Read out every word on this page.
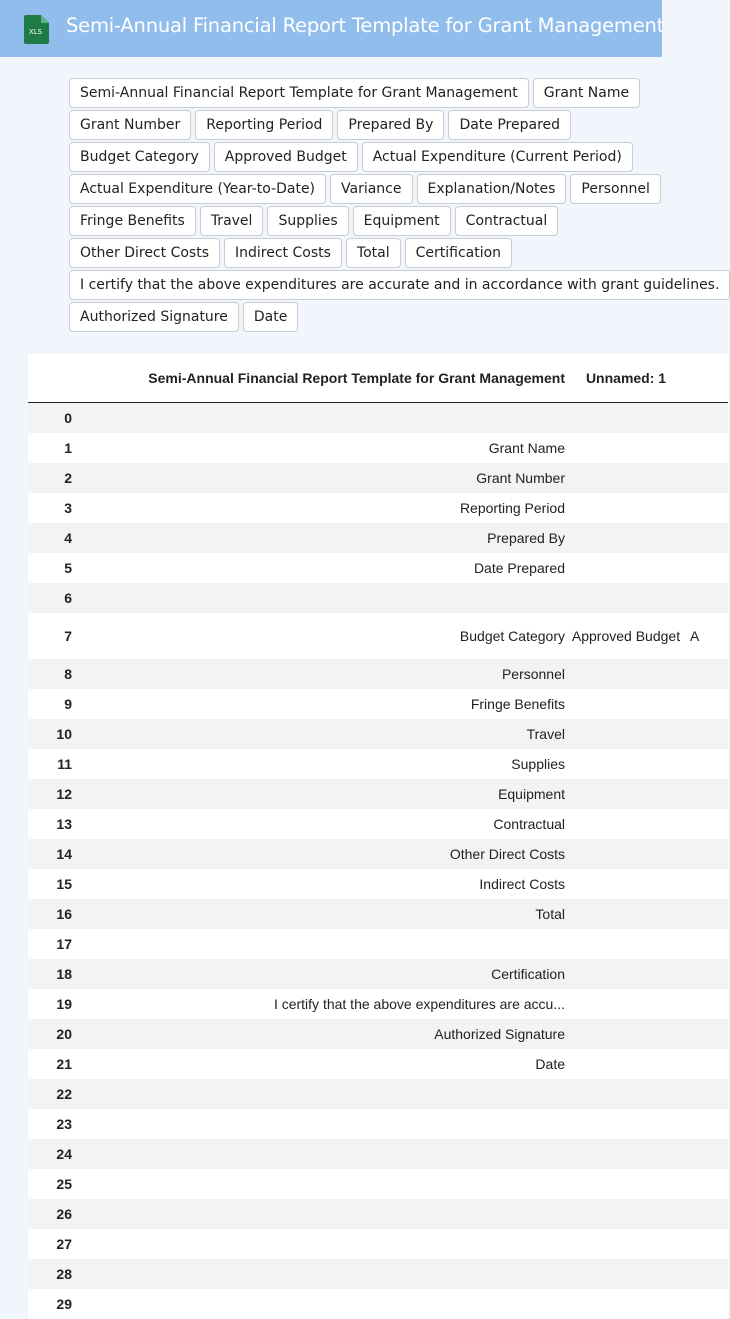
XLS Semi-Annual Financial Report Template for Grant Management
Semi-Annual Financial Report Template for Grant Management	Grant Name
Grant Number	Reporting Period	Prepared By	Date Prepared
Budget Category	Approved Budget	Actual Expenditure (Current Period)
Actual Expenditure (Year-to-Date)	Variance	Explanation/Notes	Personnel
Fringe Benefits	Travel	Supplies	Equipment	Contractual
Other Direct Costs	Indirect Costs	Total	Certification
I certify that the above expenditures are accurate and in accordance with grant guidelines.
Authorized Signature	Date
	Semi-Annual Financial Report Template for Grant Management	Unnamed: 1	
0			
1	Grant Name		
2	Grant Number		
3	Reporting Period		
4	Prepared By		
5	Date Prepared		
6			
7	Budget Category	Approved Budget	A
8	Personnel		
9	Fringe Benefits		
10	Travel		
11	Supplies		
12	Equipment		
13	Contractual		
14	Other Direct Costs		
15	Indirect Costs		
16	Total		
17			
18	Certification		
19	I certify that the above expenditures are accu...		
20	Authorized Signature		
21	Date		
22			
23			
24			
25			
26			
27			
28			
29			
